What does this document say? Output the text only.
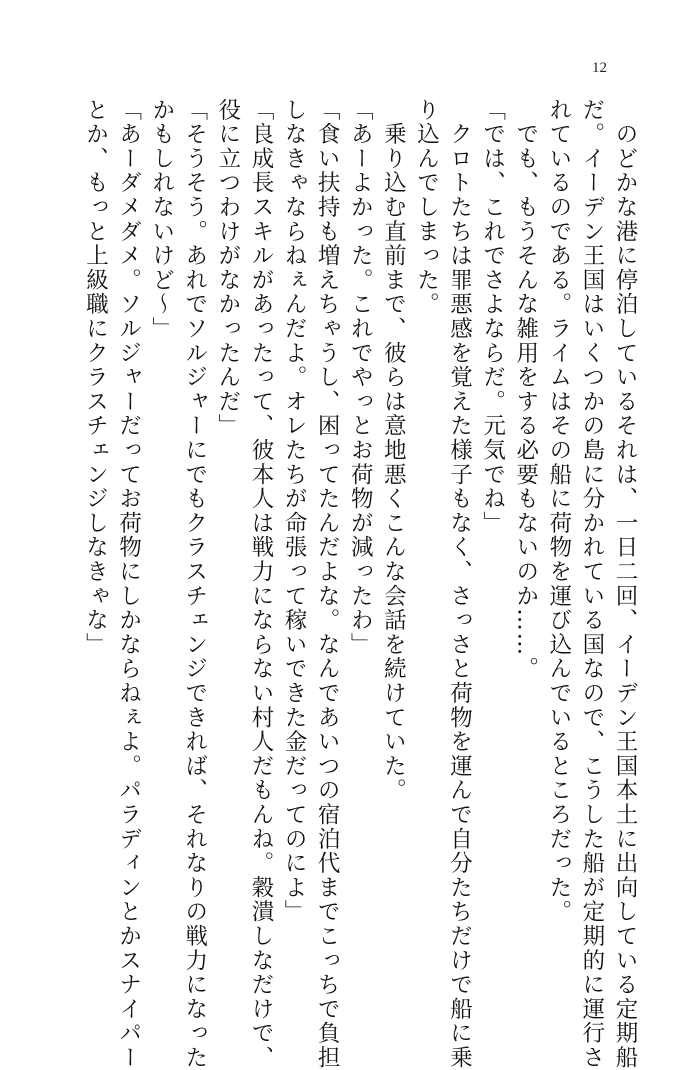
12
　のどかな港に停泊しているそれは、一日二回、イーデン王国本土に出向している定期船
だ。イーデン王国はいくつかの島に分かれている国なので、こうした船が定期的に運行さ
れているのである。ライムはその船に荷物を運び込んでいるところだった。
　でも、もうそんな雑用をする必要もないのか……。
「では、これでさよならだ。元気でね」
　クロトたちは罪悪感を覚えた様子もなく、さっさと荷物を運んで自分たちだけで船に乗
り込んでしまった。
　乗り込む直前まで、彼らは意地悪くこんな会話を続けていた。
「あーよかった。これでやっとお荷物が減ったわ」
「食い扶持も増えちゃうし、困ってたんだよな。なんであいつの宿泊代までこっちで負担
しなきゃならねぇんだよ。オレたちが命張って稼いできた金だってのによ」
「良成長スキルがあったって、彼本人は戦力にならない村人だもんね。穀潰しなだけで、
役に立つわけがなかったんだ」
「そうそう。あれでソルジャーにでもクラスチェンジできれば、それなりの戦力になった
かもしれないけど～」
「あーダメダメ。ソルジャーだってお荷物にしかならねぇよ。パラディンとかスナイパー
とか、もっと上級職にクラスチェンジしなきゃな」
